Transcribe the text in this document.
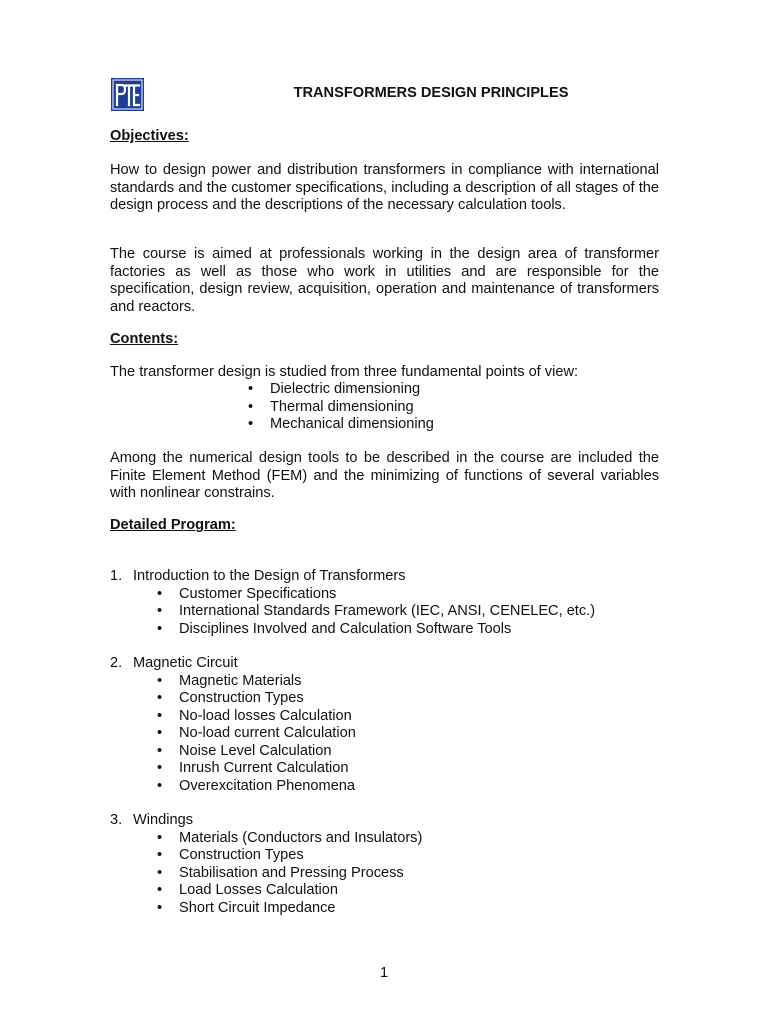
TRANSFORMERS DESIGN PRINCIPLES
Objectives:
How to design power and distribution transformers in compliance with international standards and the customer specifications, including a description of all stages of the design process and the descriptions of the necessary calculation tools.
The course is aimed at professionals working in the design area of transformer factories as well as those who work in utilities and are responsible for the specification, design review, acquisition, operation and maintenance of transformers and reactors.
Contents:
The transformer design is studied from three fundamental points of view:
• Dielectric dimensioning
• Thermal dimensioning
• Mechanical dimensioning
Among the numerical design tools to be described in the course are included the Finite Element Method (FEM) and the minimizing of functions of several variables with nonlinear constrains.
Detailed Program:
1. Introduction to the Design of Transformers
• Customer Specifications
• International Standards Framework (IEC, ANSI, CENELEC, etc.)
• Disciplines Involved and Calculation Software Tools
2. Magnetic Circuit
• Magnetic Materials
• Construction Types
• No-load losses Calculation
• No-load current Calculation
• Noise Level Calculation
• Inrush Current Calculation
• Overexcitation Phenomena
3. Windings
• Materials (Conductors and Insulators)
• Construction Types
• Stabilisation and Pressing Process
• Load Losses Calculation
• Short Circuit Impedance
1
